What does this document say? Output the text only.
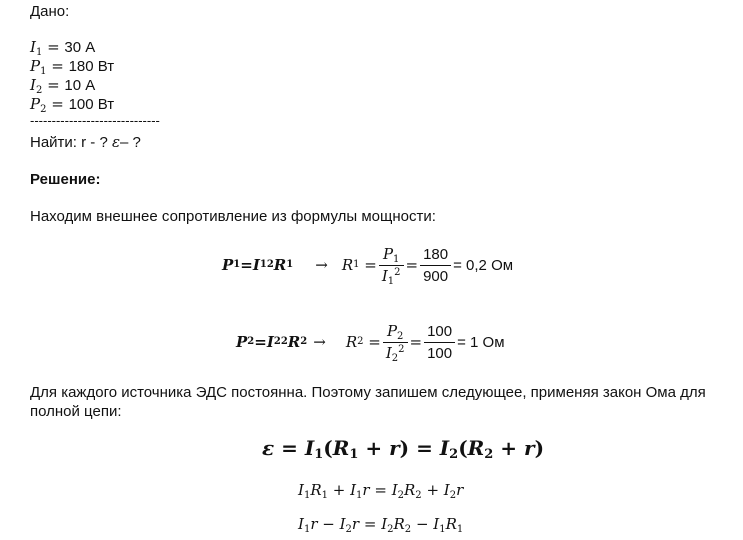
Дано:
$I_1 = 30$ А
$P_1 = 180$ Вт
$I_2 = 10$ А
$P_2 = 100$ Вт
------------------------------
Найти: r - ? ε– ?
Решение:
Находим внешнее сопротивление из формулы мощности:
P 1 = I 1 2 R 1 → R $1 = \frac{P_1}{I_1^2} = \frac{180}{900} = 0,2$ Ом
P 2 = I 2 2 R 2 → R $2 = \frac{P_2}{I_2^2} = \frac{100}{100} = 1$ Ом
Для каждого источника ЭДС постоянна. Поэтому запишем следующее, применяя закон Ома для
полной цепи:
$\varepsilon = I_1(R_1 + r) = I_2(R_2 + r)$
$I_1R_1 + I_1r = I_2R_2 + I_2r$
$I_1r - I_2r = I_2R_2 - I_1R_1$
